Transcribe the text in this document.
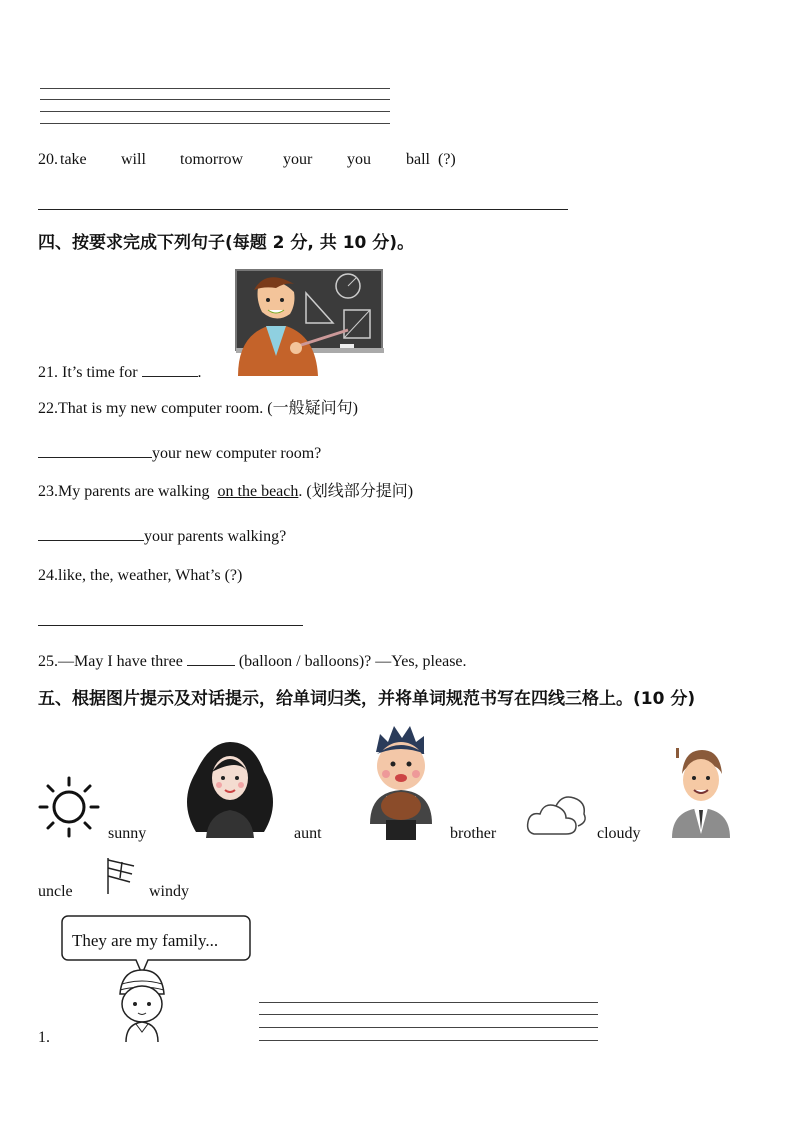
20. take will tomorrow your you ball (?)
四、按要求完成下列句子(每题 2 分, 共 10 分)。
21. It’s time for	.
22.That is my new computer room. (一般疑问句)
your new computer room?
23.My parents are walking on the beach. (划线部分提问)
your parents walking?
24.like, the, weather, What’s (?)
25.—May I have three	(balloon / balloons)? —Yes, please.
五、根据图片提示及对话提示，给单词归类，并将单词规范书写在四线三格上。(10 分)
sunny	aunt	brother	cloudy
uncle	windy
They are my family...
1.
